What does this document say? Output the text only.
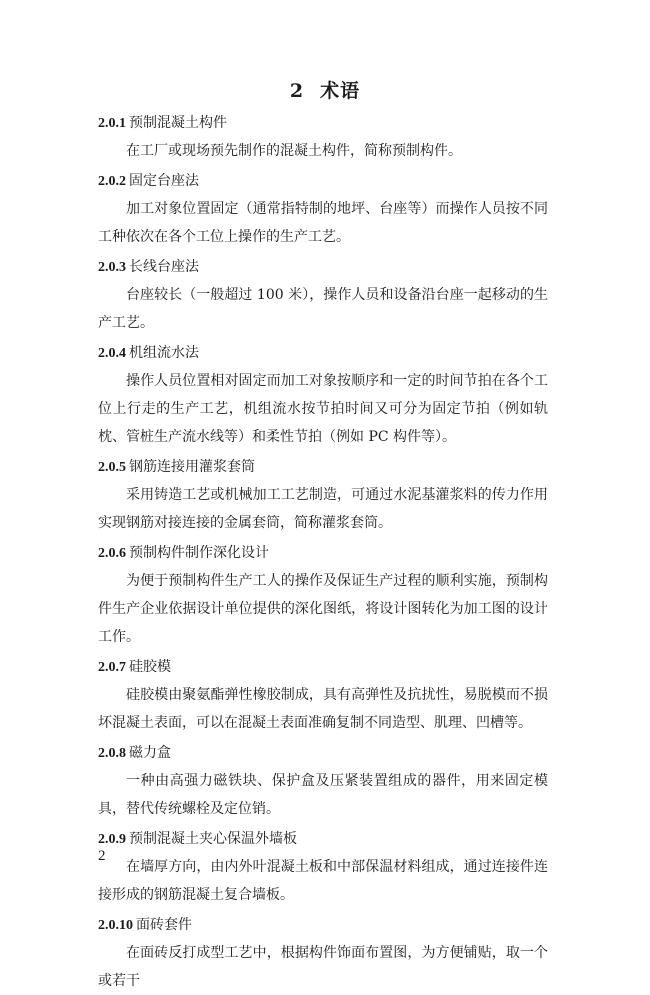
2 术语
2.0.1 预制混凝土构件

在工厂或现场预先制作的混凝土构件，简称预制构件。

2.0.2 固定台座法

加工对象位置固定（通常指特制的地坪、台座等）而操作人员按不同工种依次在各个工位上操作的生产工艺。

2.0.3 长线台座法

台座较长（一般超过 100 米），操作人员和设备沿台座一起移动的生产工艺。

2.0.4 机组流水法

操作人员位置相对固定而加工对象按顺序和一定的时间节拍在各个工位上行走的生产工艺，机组流水按节拍时间又可分为固定节拍（例如轨枕、管桩生产流水线等）和柔性节拍（例如 PC 构件等）。

2.0.5 钢筋连接用灌浆套筒

采用铸造工艺或机械加工工艺制造，可通过水泥基灌浆料的传力作用实现钢筋对接连接的金属套筒，简称灌浆套筒。

2.0.6 预制构件制作深化设计

为便于预制构件生产工人的操作及保证生产过程的顺利实施，预制构件生产企业依据设计单位提供的深化图纸，将设计图转化为加工图的设计工作。

2.0.7 硅胶模

硅胶模由聚氨酯弹性橡胶制成，具有高弹性及抗扰性，易脱模而不损坏混凝土表面，可以在混凝土表面准确复制不同造型、肌理、凹槽等。

2.0.8 磁力盒

一种由高强力磁铁块、保护盒及压紧装置组成的器件，用来固定模具，替代传统螺栓及定位销。

2.0.9 预制混凝土夹心保温外墙板

在墙厚方向，由内外叶混凝土板和中部保温材料组成，通过连接件连接形成的钢筋混凝土复合墙板。

2.0.10 面砖套件

在面砖反打成型工艺中，根据构件饰面布置图，为方便铺贴，取一个或若干

2
